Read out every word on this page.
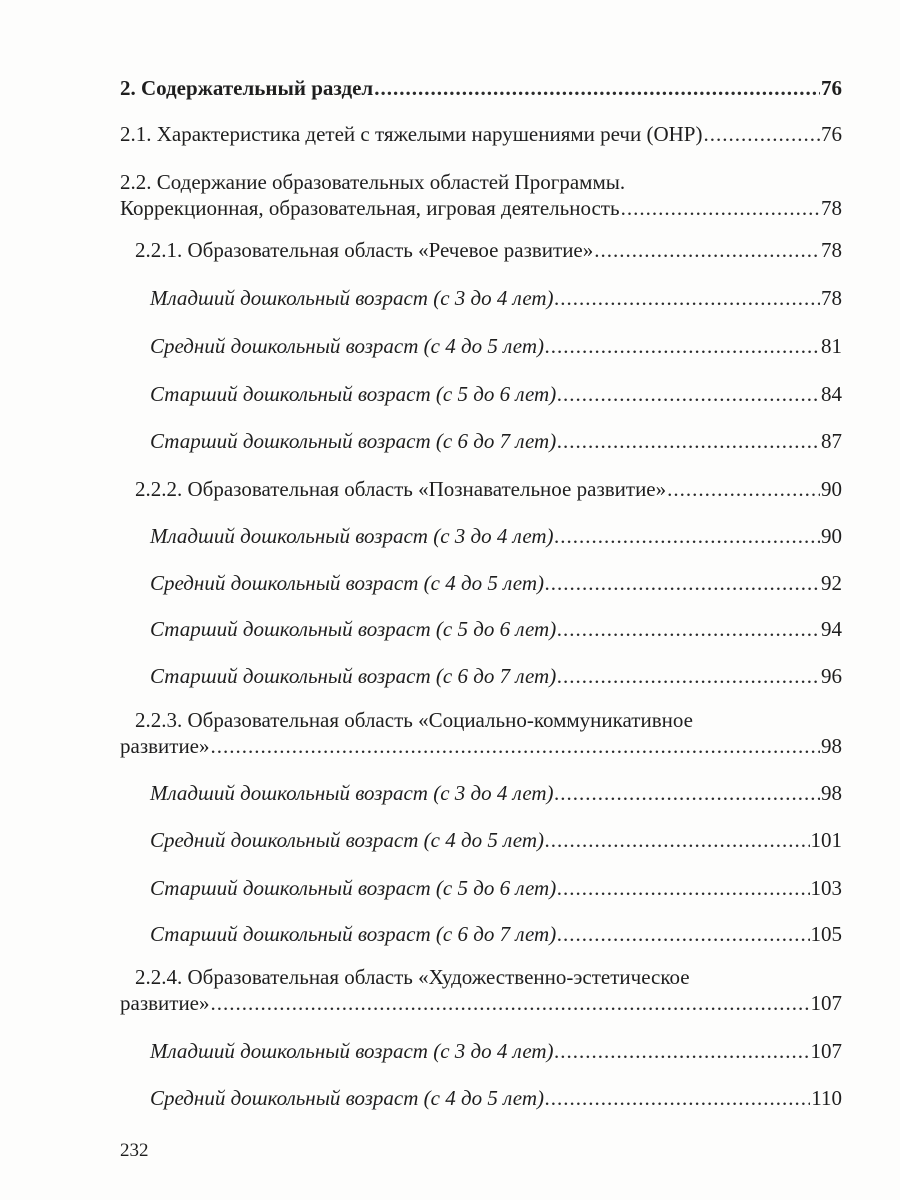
2. Содержательный раздел .....	76
2.1. Характеристика детей с тяжелыми нарушениями речи (ОНР) .....	76
2.2. Содержание образовательных областей Программы.
Коррекционная, образовательная, игровая деятельность .....	78
2.2.1. Образовательная область «Речевое развитие» .....	78
Младший дошкольный возраст (с 3 до 4 лет) .....	78
Средний дошкольный возраст (с 4 до 5 лет) .....	81
Старший дошкольный возраст (с 5 до 6 лет) .....	84
Старший дошкольный возраст (с 6 до 7 лет) .....	87
2.2.2. Образовательная область «Познавательное развитие» .....	90
Младший дошкольный возраст (с 3 до 4 лет) .....	90
Средний дошкольный возраст (с 4 до 5 лет) .....	92
Старший дошкольный возраст (с 5 до 6 лет) .....	94
Старший дошкольный возраст (с 6 до 7 лет) .....	96
2.2.3. Образовательная область «Социально-коммуникативное
развитие» .....	98
Младший дошкольный возраст (с 3 до 4 лет) .....	98
Средний дошкольный возраст (с 4 до 5 лет) .....	101
Старший дошкольный возраст (с 5 до 6 лет) .....	103
Старший дошкольный возраст (с 6 до 7 лет) .....	105
2.2.4. Образовательная область «Художественно-эстетическое
развитие» .....	107
Младший дошкольный возраст (с 3 до 4 лет) .....	107
Средний дошкольный возраст (с 4 до 5 лет) .....	110
232
